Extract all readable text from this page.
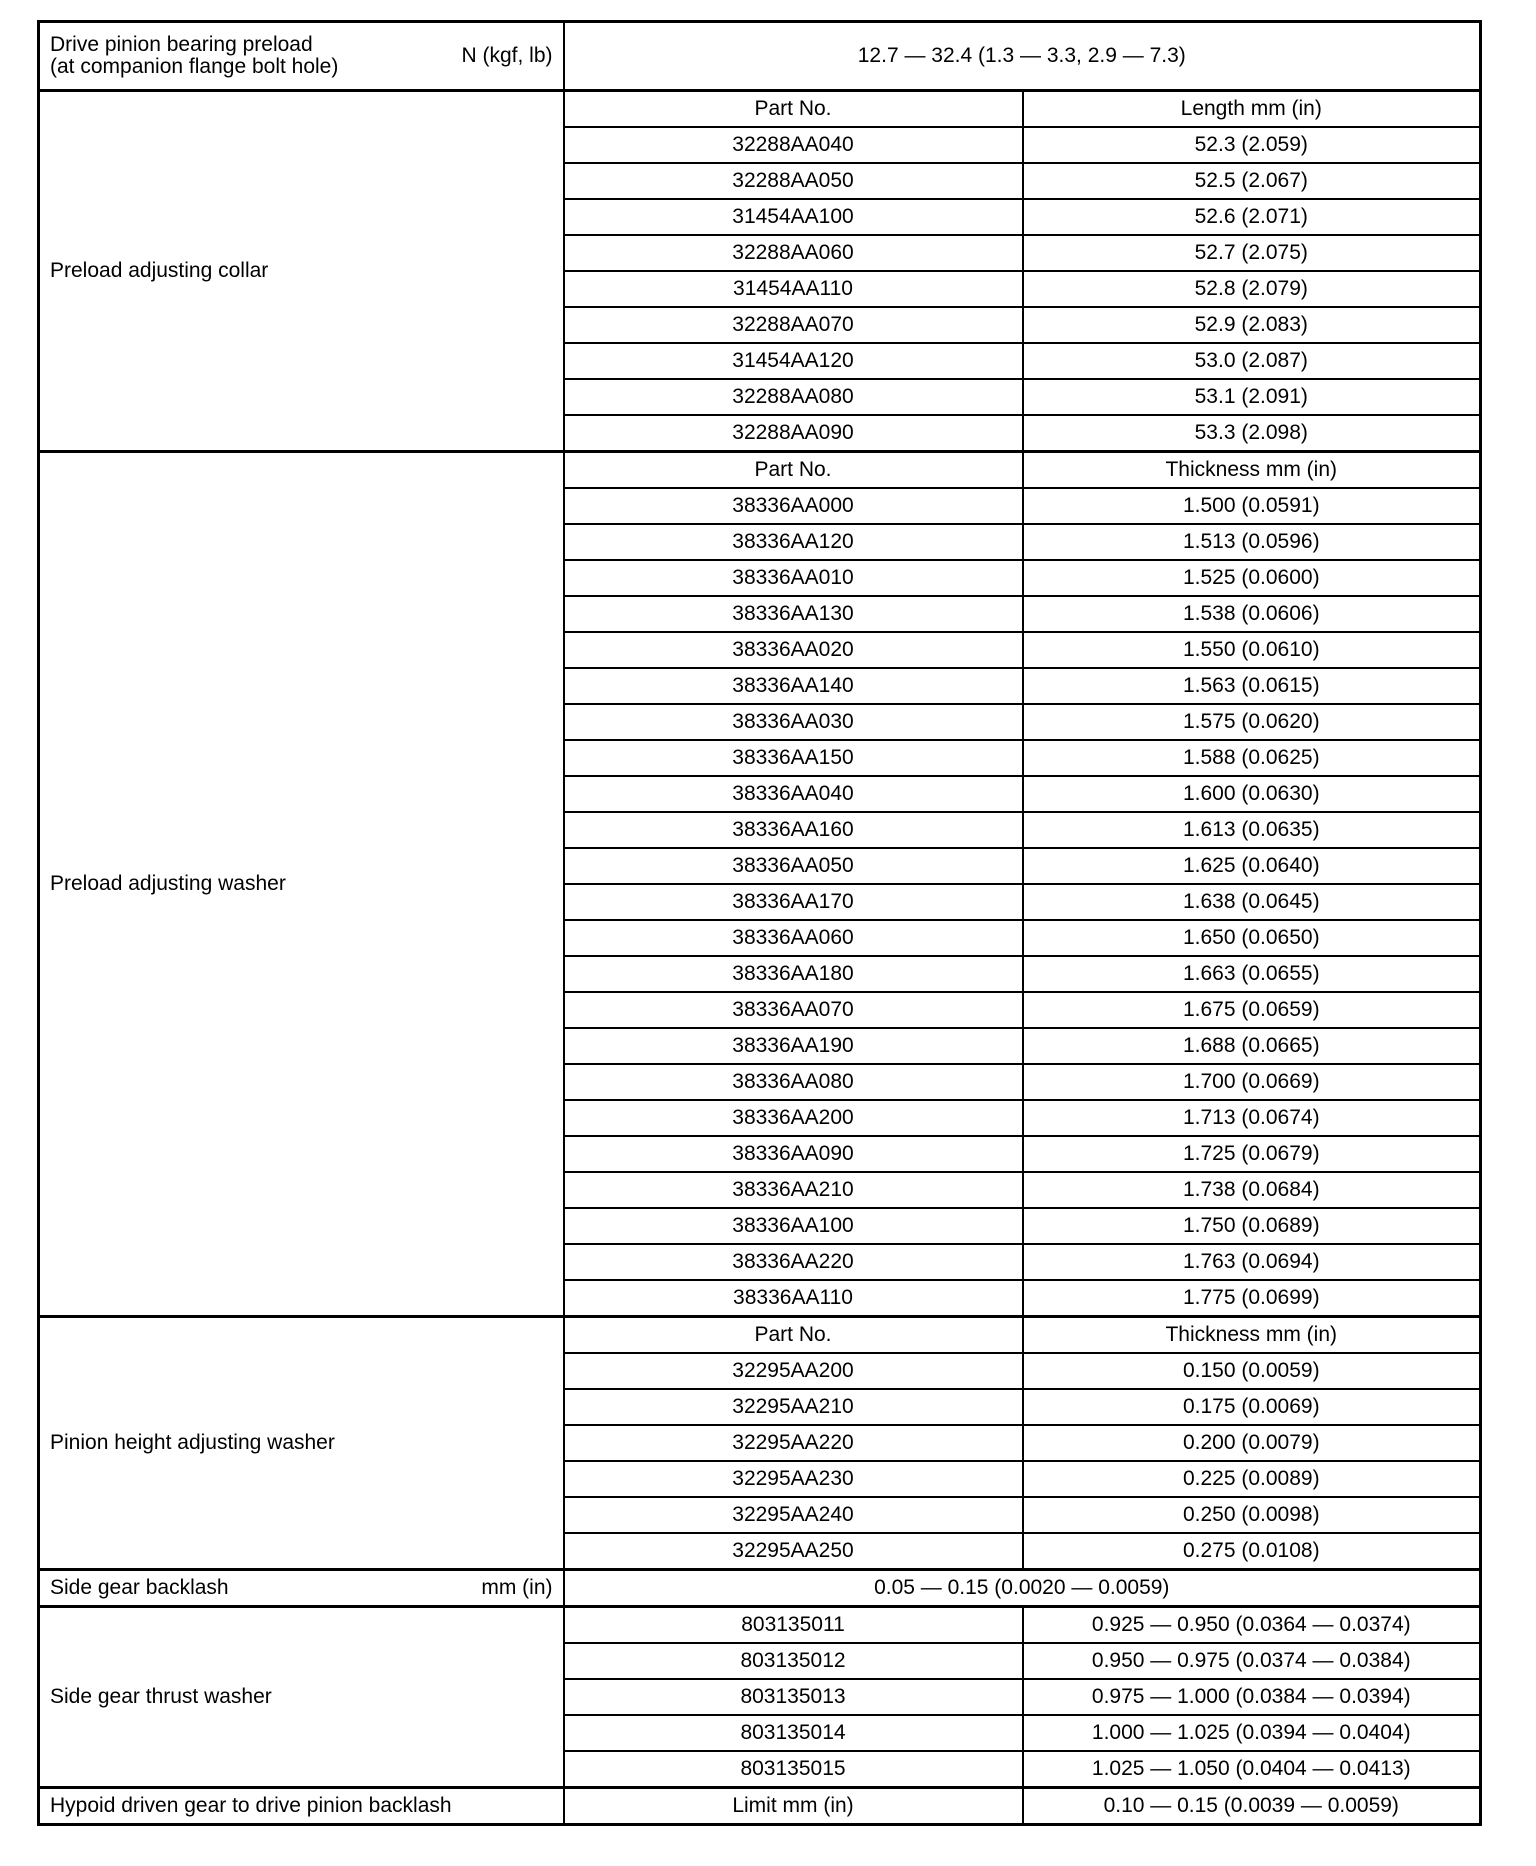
Drive pinion bearing preload
(at companion flange bolt hole) N (kgf, lb)	12.7 — 32.4 (1.3 — 3.3, 2.9 — 7.3)	
Preload adjusting collar	Part No.	Length mm (in)
	32288AA040	52.3 (2.059)
	32288AA050	52.5 (2.067)
	31454AA100	52.6 (2.071)
	32288AA060	52.7 (2.075)
	31454AA110	52.8 (2.079)
	32288AA070	52.9 (2.083)
	31454AA120	53.0 (2.087)
	32288AA080	53.1 (2.091)
	32288AA090	53.3 (2.098)
Preload adjusting washer	Part No.	Thickness mm (in)
	38336AA000	1.500 (0.0591)
	38336AA120	1.513 (0.0596)
	38336AA010	1.525 (0.0600)
	38336AA130	1.538 (0.0606)
	38336AA020	1.550 (0.0610)
	38336AA140	1.563 (0.0615)
	38336AA030	1.575 (0.0620)
	38336AA150	1.588 (0.0625)
	38336AA040	1.600 (0.0630)
	38336AA160	1.613 (0.0635)
	38336AA050	1.625 (0.0640)
	38336AA170	1.638 (0.0645)
	38336AA060	1.650 (0.0650)
	38336AA180	1.663 (0.0655)
	38336AA070	1.675 (0.0659)
	38336AA190	1.688 (0.0665)
	38336AA080	1.700 (0.0669)
	38336AA200	1.713 (0.0674)
	38336AA090	1.725 (0.0679)
	38336AA210	1.738 (0.0684)
	38336AA100	1.750 (0.0689)
	38336AA220	1.763 (0.0694)
	38336AA110	1.775 (0.0699)
Pinion height adjusting washer	Part No.	Thickness mm (in)
	32295AA200	0.150 (0.0059)
	32295AA210	0.175 (0.0069)
	32295AA220	0.200 (0.0079)
	32295AA230	0.225 (0.0089)
	32295AA240	0.250 (0.0098)
	32295AA250	0.275 (0.0108)

Side gear backlash mm (in)	0.05 — 0.15 (0.0020 — 0.0059)	
Side gear thrust washer	803135011	0.925 — 0.950 (0.0364 — 0.0374)
	803135012	0.950 — 0.975 (0.0374 — 0.0384)
	803135013	0.975 — 1.000 (0.0384 — 0.0394)
	803135014	1.000 — 1.025 (0.0394 — 0.0404)
	803135015	1.025 — 1.050 (0.0404 — 0.0413)
Hypoid driven gear to drive pinion backlash	Limit mm (in)	0.10 — 0.15 (0.0039 — 0.0059)
